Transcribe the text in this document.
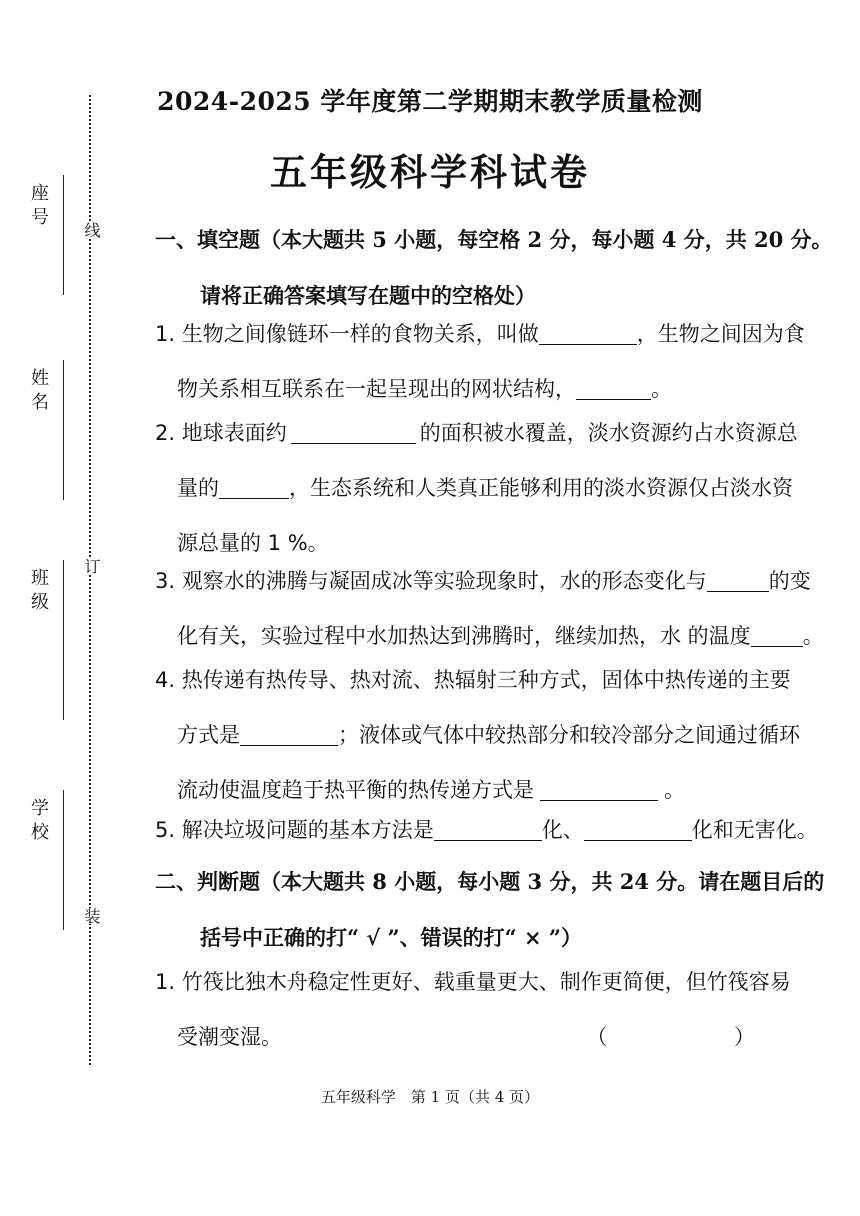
线
订
装
座号
姓名
班级
学校
2024-2025 学年度第二学期期末教学质量检测
五年级科学科试卷
一、填空题（本大题共 5 小题，每空格 2 分，每小题 4 分，共 20 分。
请将正确答案填写在题中的空格处）
1. 生物之间像链环一样的食物关系，叫做	，生物之间因为食
物关系相互联系在一起呈现出的网状结构，	。
2. 地球表面约	的面积被水覆盖，淡水资源约占水资源总
量的	，生态系统和人类真正能够利用的淡水资源仅占淡水资
源总量的 1 %。
3. 观察水的沸腾与凝固成冰等实验现象时，水的形态变化与	的变
化有关，实验过程中水加热达到沸腾时，继续加热，水 的温度 。
4. 热传递有热传导、热对流、热辐射三种方式，固体中热传递的主要
方式是	；液体或气体中较热部分和较冷部分之间通过循环
流动使温度趋于热平衡的热传递方式是	。
5. 解决垃圾问题的基本方法是	化、	化和无害化。
二、判断题（本大题共 8 小题，每小题 3 分，共 24 分。请在题目后的
括号中正确的打“ √ ”、错误的打“ × ”）
1. 竹筏比独木舟稳定性更好、载重量更大、制作更简便，但竹筏容易
受潮变湿。	（ ）
五年级科学　第 1 页（共 4 页）
